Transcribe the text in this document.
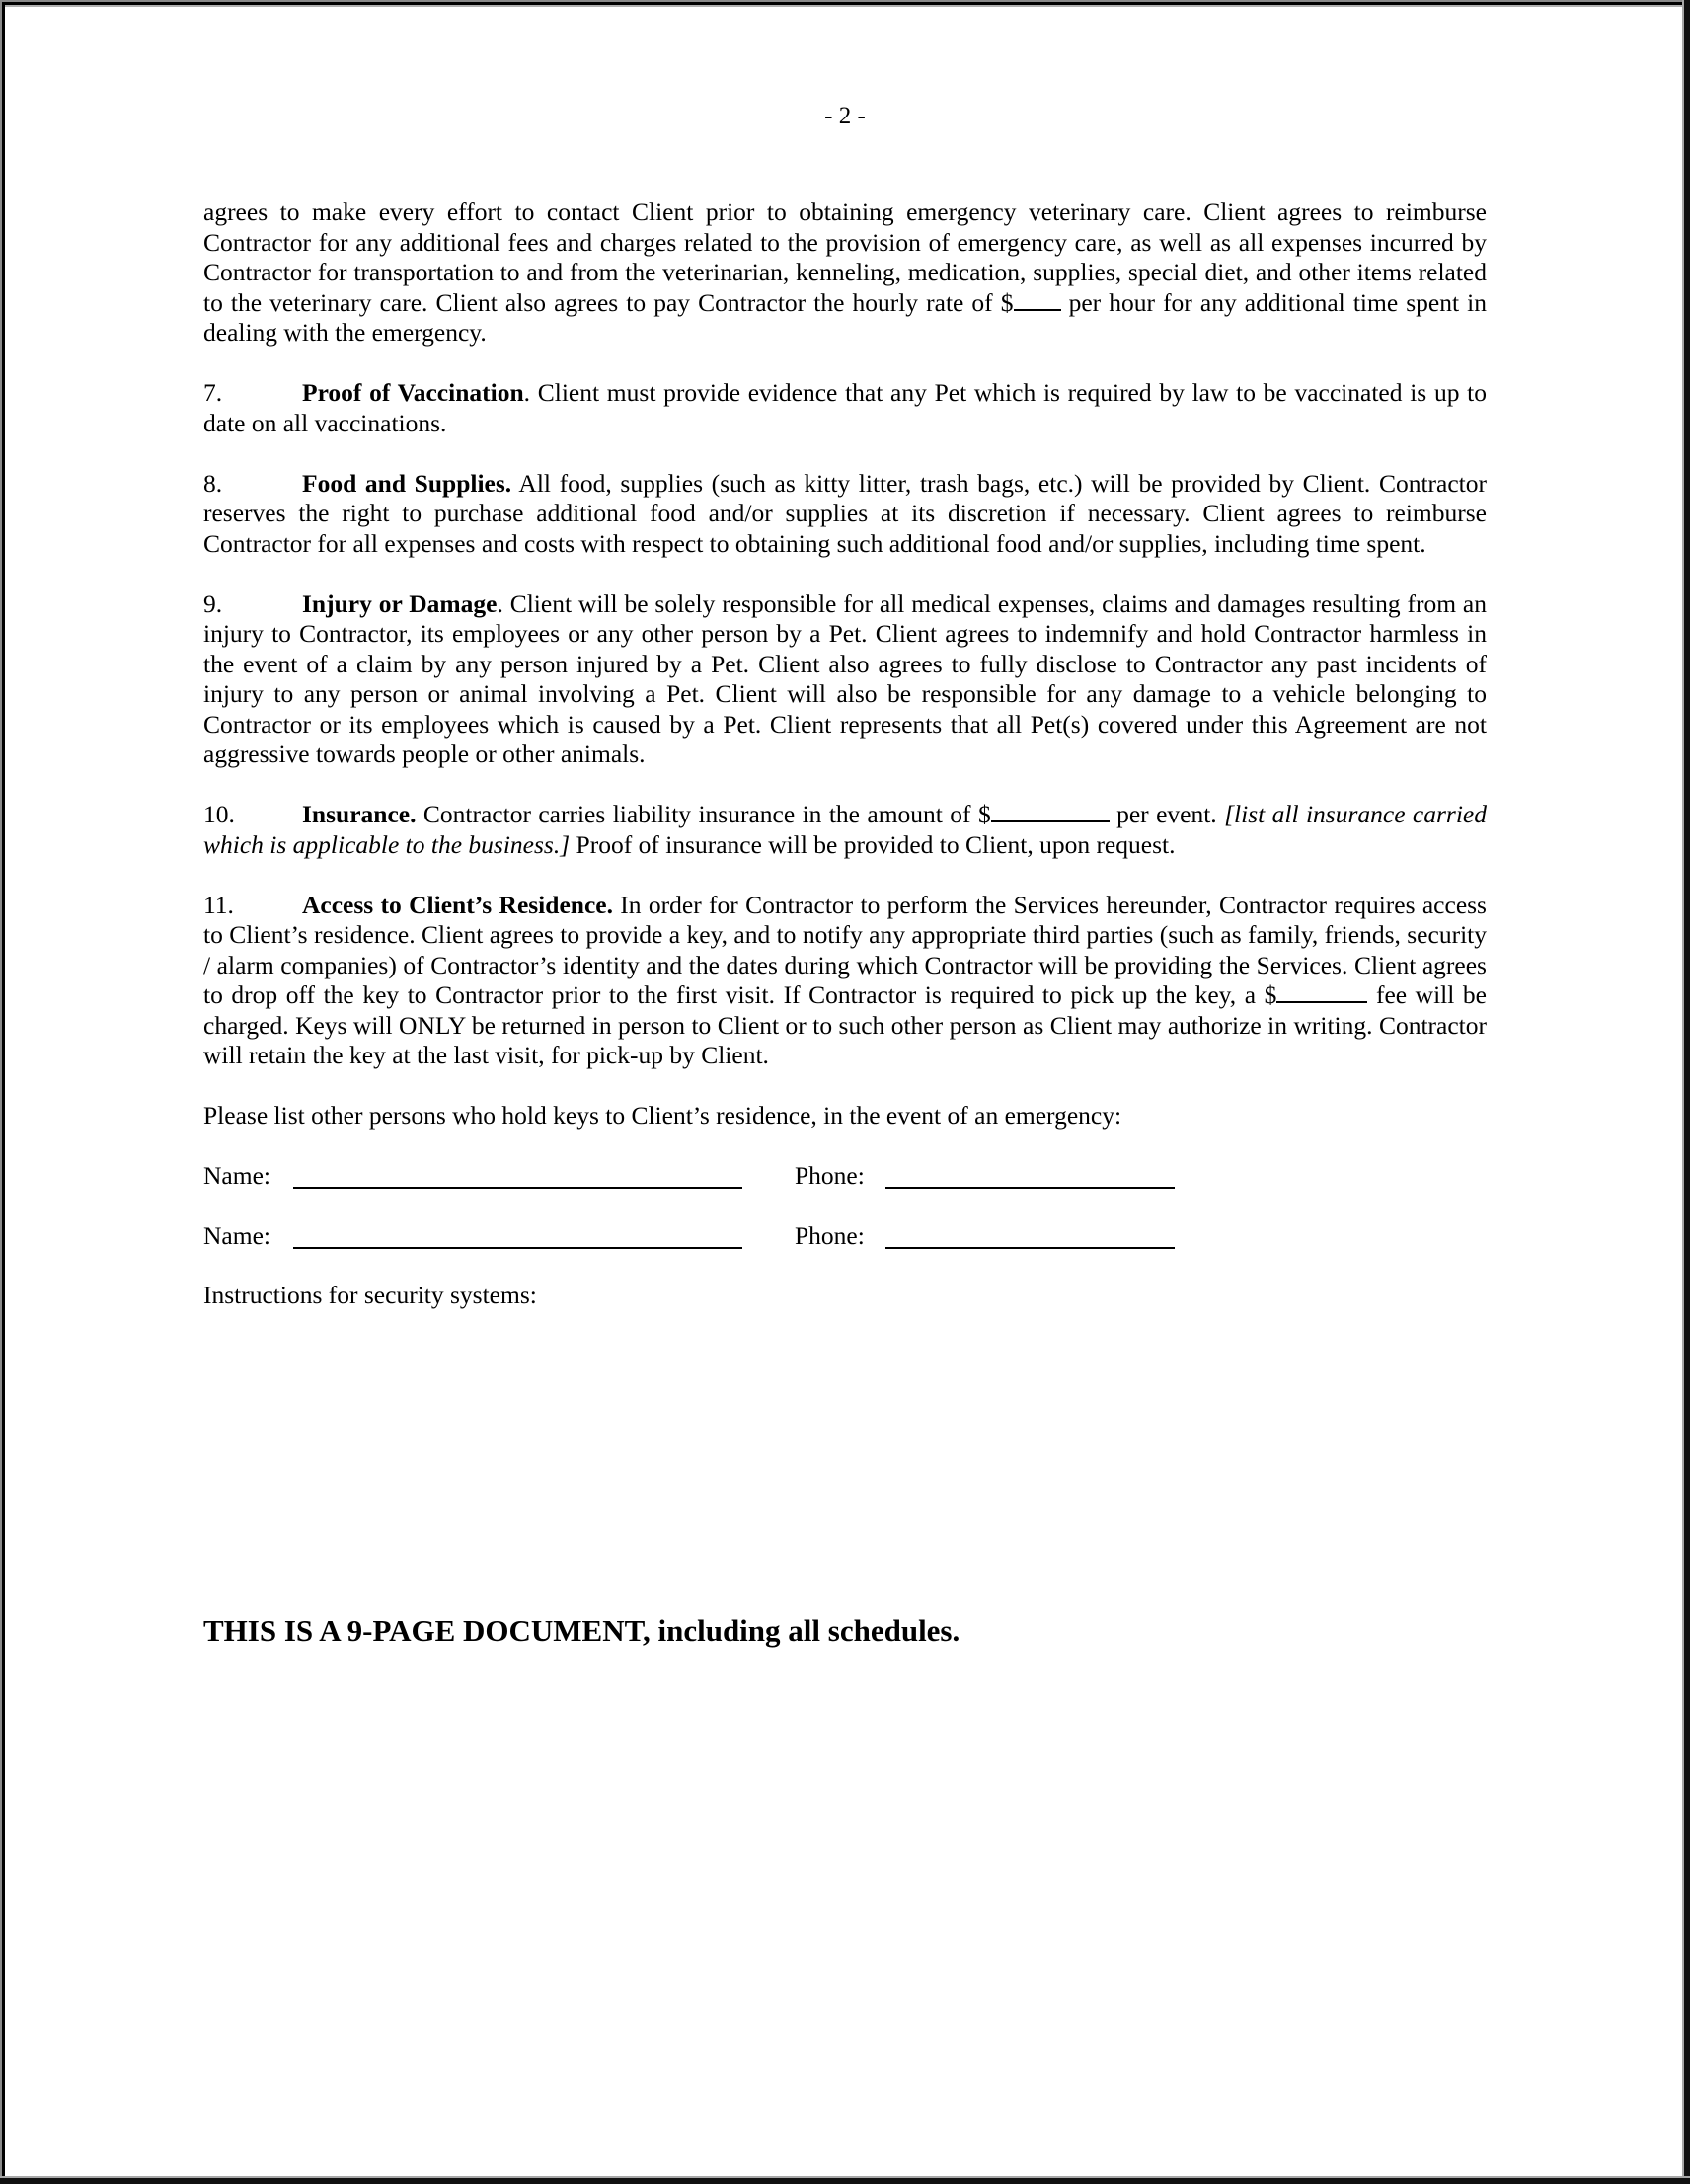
- 2 -

agrees to make every effort to contact Client prior to obtaining emergency veterinary care. Client agrees to reimburse Contractor for any additional fees and charges related to the provision of emergency care, as well as all expenses incurred by Contractor for transportation to and from the veterinarian, kenneling, medication, supplies, special diet, and other items related to the veterinary care. Client also agrees to pay Contractor the hourly rate of $ per hour for any additional time spent in dealing with the emergency.

7.	Proof of Vaccination. Client must provide evidence that any Pet which is required by law to be vaccinated is up to date on all vaccinations.

8.	Food and Supplies. All food, supplies (such as kitty litter, trash bags, etc.) will be provided by Client. Contractor reserves the right to purchase additional food and/or supplies at its discretion if necessary. Client agrees to reimburse Contractor for all expenses and costs with respect to obtaining such additional food and/or supplies, including time spent.

9.	Injury or Damage. Client will be solely responsible for all medical expenses, claims and damages resulting from an injury to Contractor, its employees or any other person by a Pet. Client agrees to indemnify and hold Contractor harmless in the event of a claim by any person injured by a Pet. Client also agrees to fully disclose to Contractor any past incidents of injury to any person or animal involving a Pet. Client will also be responsible for any damage to a vehicle belonging to Contractor or its employees which is caused by a Pet. Client represents that all Pet(s) covered under this Agreement are not aggressive towards people or other animals.

10.	Insurance. Contractor carries liability insurance in the amount of $	per event. [list all insurance carried which is applicable to the business.] Proof of insurance will be provided to Client, upon request.

11.	Access to Client’s Residence. In order for Contractor to perform the Services hereunder, Contractor requires access to Client’s residence. Client agrees to provide a key, and to notify any appropriate third parties (such as family, friends, security / alarm companies) of Contractor’s identity and the dates during which Contractor will be providing the Services. Client agrees to drop off the key to Contractor prior to the first visit. If Contractor is required to pick up the key, a $	fee will be charged. Keys will ONLY be returned in person to Client or to such other person as Client may authorize in writing. Contractor will retain the key at the last visit, for pick-up by Client.

Please list other persons who hold keys to Client’s residence, in the event of an emergency:

Name:	Phone:
Name:	Phone:

Instructions for security systems:

THIS IS A 9-PAGE DOCUMENT, including all schedules.
